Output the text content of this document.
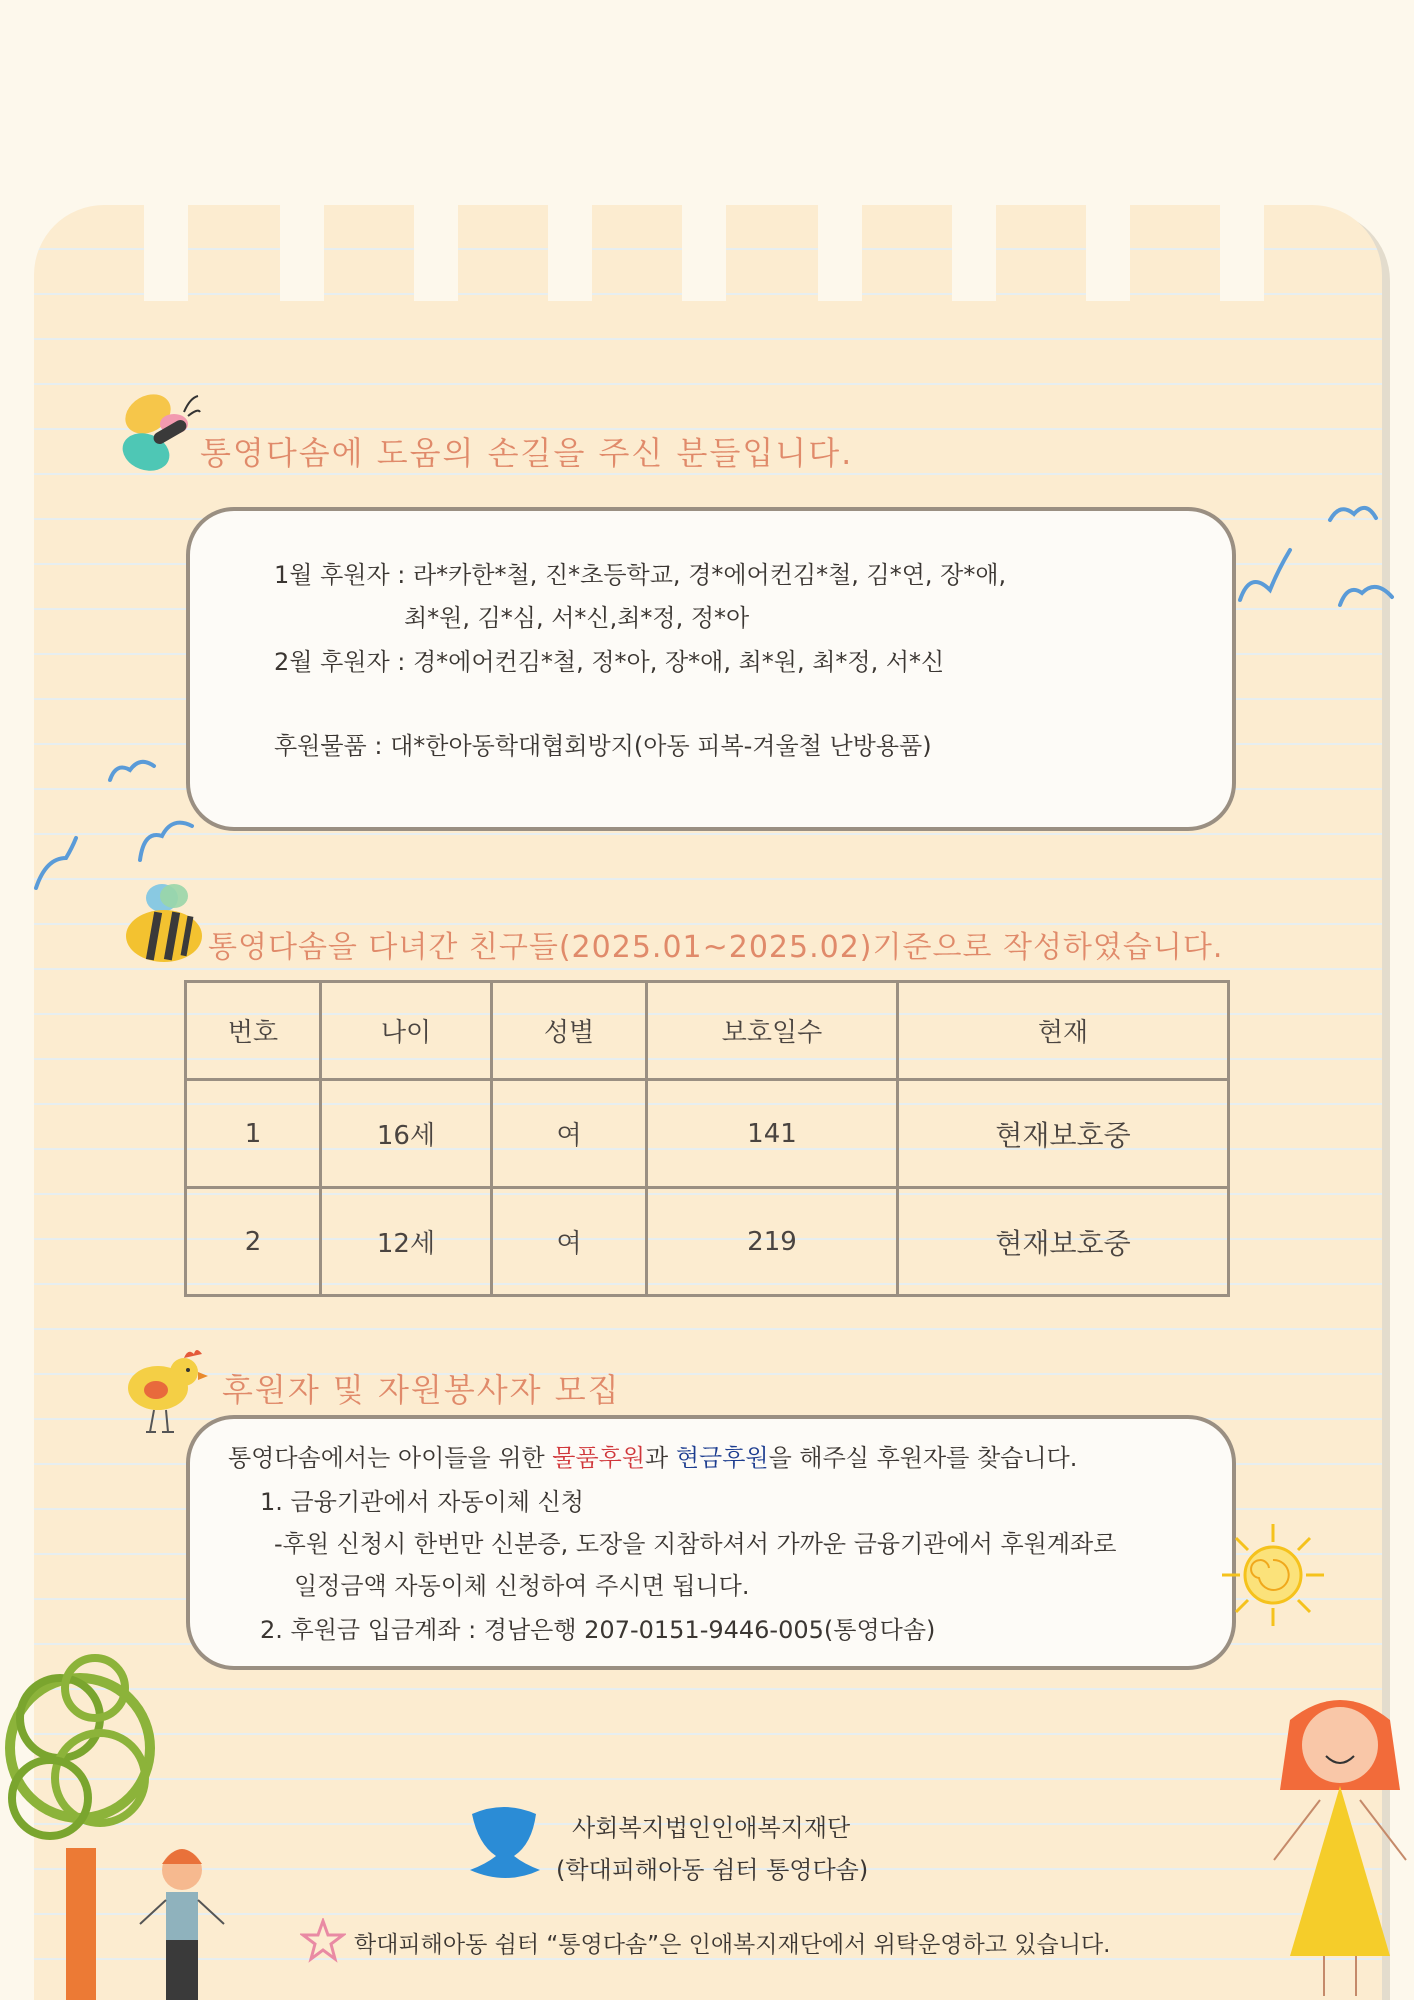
통영다솜에 도움의 손길을 주신 분들입니다.
1월 후원자 : 라*카한*철, 진*초등학교, 경*에어컨김*철, 김*연, 장*애,
최*원, 김*심, 서*신,최*정, 정*아
2월 후원자 : 경*에어컨김*철, 정*아, 장*애, 최*원, 최*정, 서*신
후원물품 : 대*한아동학대협회방지(아동 피복-겨울철 난방용품)
통영다솜을 다녀간 친구들(2025.01~2025.02)기준으로 작성하였습니다.
번호	나이	성별	보호일수	현재
1	16세	여	141	현재보호중
2	12세	여	219	현재보호중
후원자 및 자원봉사자 모집
통영다솜에서는 아이들을 위한 물품후원과 현금후원을 해주실 후원자를 찾습니다.
1. 금융기관에서 자동이체 신청
-후원 신청시 한번만 신분증, 도장을 지참하셔서 가까운 금융기관에서 후원계좌로
일정금액 자동이체 신청하여 주시면 됩니다.
2. 후원금 입금계좌 : 경남은행 207-0151-9446-005(통영다솜)
사회복지법인인애복지재단
(학대피해아동 쉼터 통영다솜)
학대피해아동 쉼터 “통영다솜”은 인애복지재단에서 위탁운영하고 있습니다.
